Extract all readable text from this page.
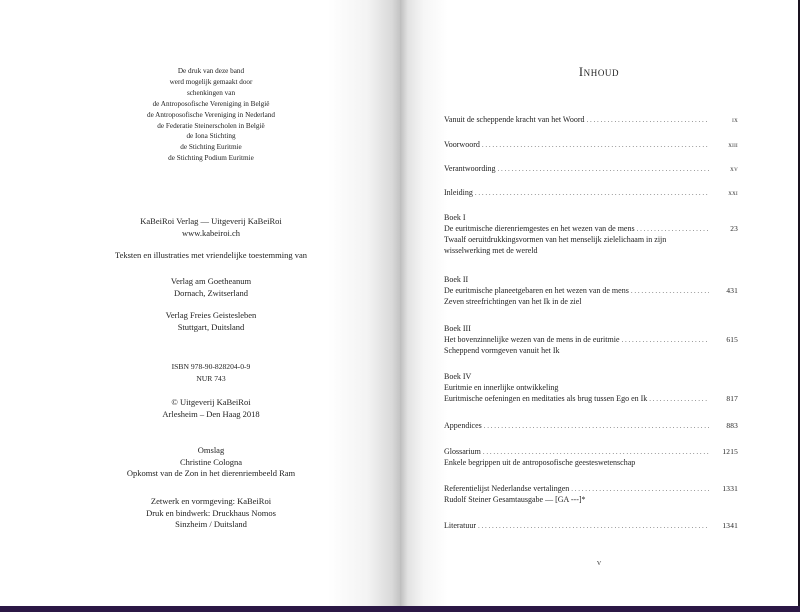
De druk van deze band
werd mogelijk gemaakt door
schenkingen van
de Antroposofische Vereniging in België
de Antroposofische Vereniging in Nederland
de Federatie Steinerscholen in België
de Iona Stichting
de Stichting Euritmie
de Stichting Podium Euritmie
KaBeiRoi Verlag — Uitgeverij KaBeiRoi
www.kabeiroi.ch
Teksten en illustraties met vriendelijke toestemming van
Verlag am Goetheanum
Dornach, Zwitserland
Verlag Freies Geistesleben
Stuttgart, Duitsland
ISBN 978-90-828204-0-9
NUR 743
© Uitgeverij KaBeiRoi
Arlesheim – Den Haag 2018
Omslag
Christine Cologna
Opkomst van de Zon in het dierenriembeeld Ram
Zetwerk en vormgeving: KaBeiRoi
Druk en bindwerk: Druckhaus Nomos
Sinzheim / Duitsland
Inhoud
Vanuit de scheppende kracht van het Woord . . .	ix
Voorwoord . . .	xiii
Verantwoording . . .	xv
Inleiding . . .	xxi
Boek I
De euritmische dierenriemgestes en het wezen van de mens . . .	23
Twaalf oeruitdrukkingsvormen van het menselijk zielelichaam in zijn
wisselwerking met de wereld
Boek II
De euritmische planeetgebaren en het wezen van de mens . . .	431
Zeven streefrichtingen van het Ik in de ziel
Boek III
Het bovenzinnelijke wezen van de mens in de euritmie . . .	615
Scheppend vormgeven vanuit het Ik
Boek IV
Euritmie en innerlijke ontwikkeling
Euritmische oefeningen en meditaties als brug tussen Ego en Ik . . .	817
Appendices . . .	883
Glossarium . . .	1215
Enkele begrippen uit de antroposofische geesteswetenschap
Referentielijst Nederlandse vertalingen . . .	1331
Rudolf Steiner Gesamtausgabe — [GA ---]*
Literatuur . . .	1341
v
